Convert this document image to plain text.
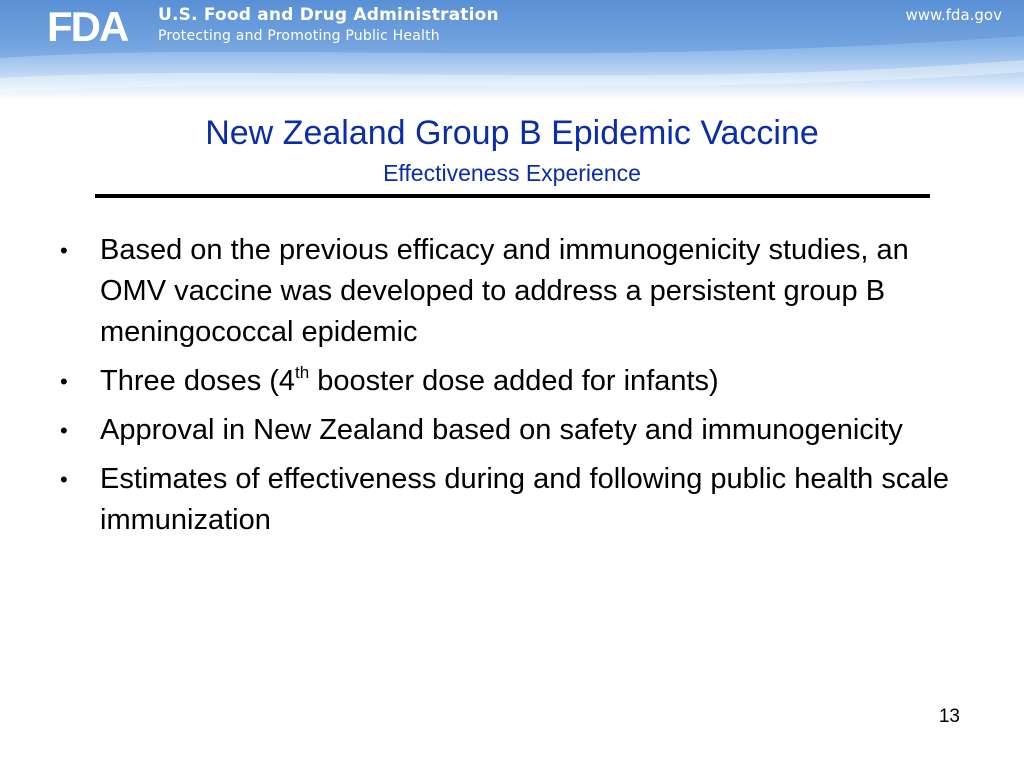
FDA U.S. Food and Drug Administration
Protecting and Promoting Public Health
www.fda.gov
New Zealand Group B Epidemic Vaccine
Effectiveness Experience
• Based on the previous efficacy and immunogenicity studies, an OMV vaccine was developed to address a persistent group B meningococcal epidemic
• Three doses (4th booster dose added for infants)
• Approval in New Zealand based on safety and immunogenicity
• Estimates of effectiveness during and following public health scale immunization
13
